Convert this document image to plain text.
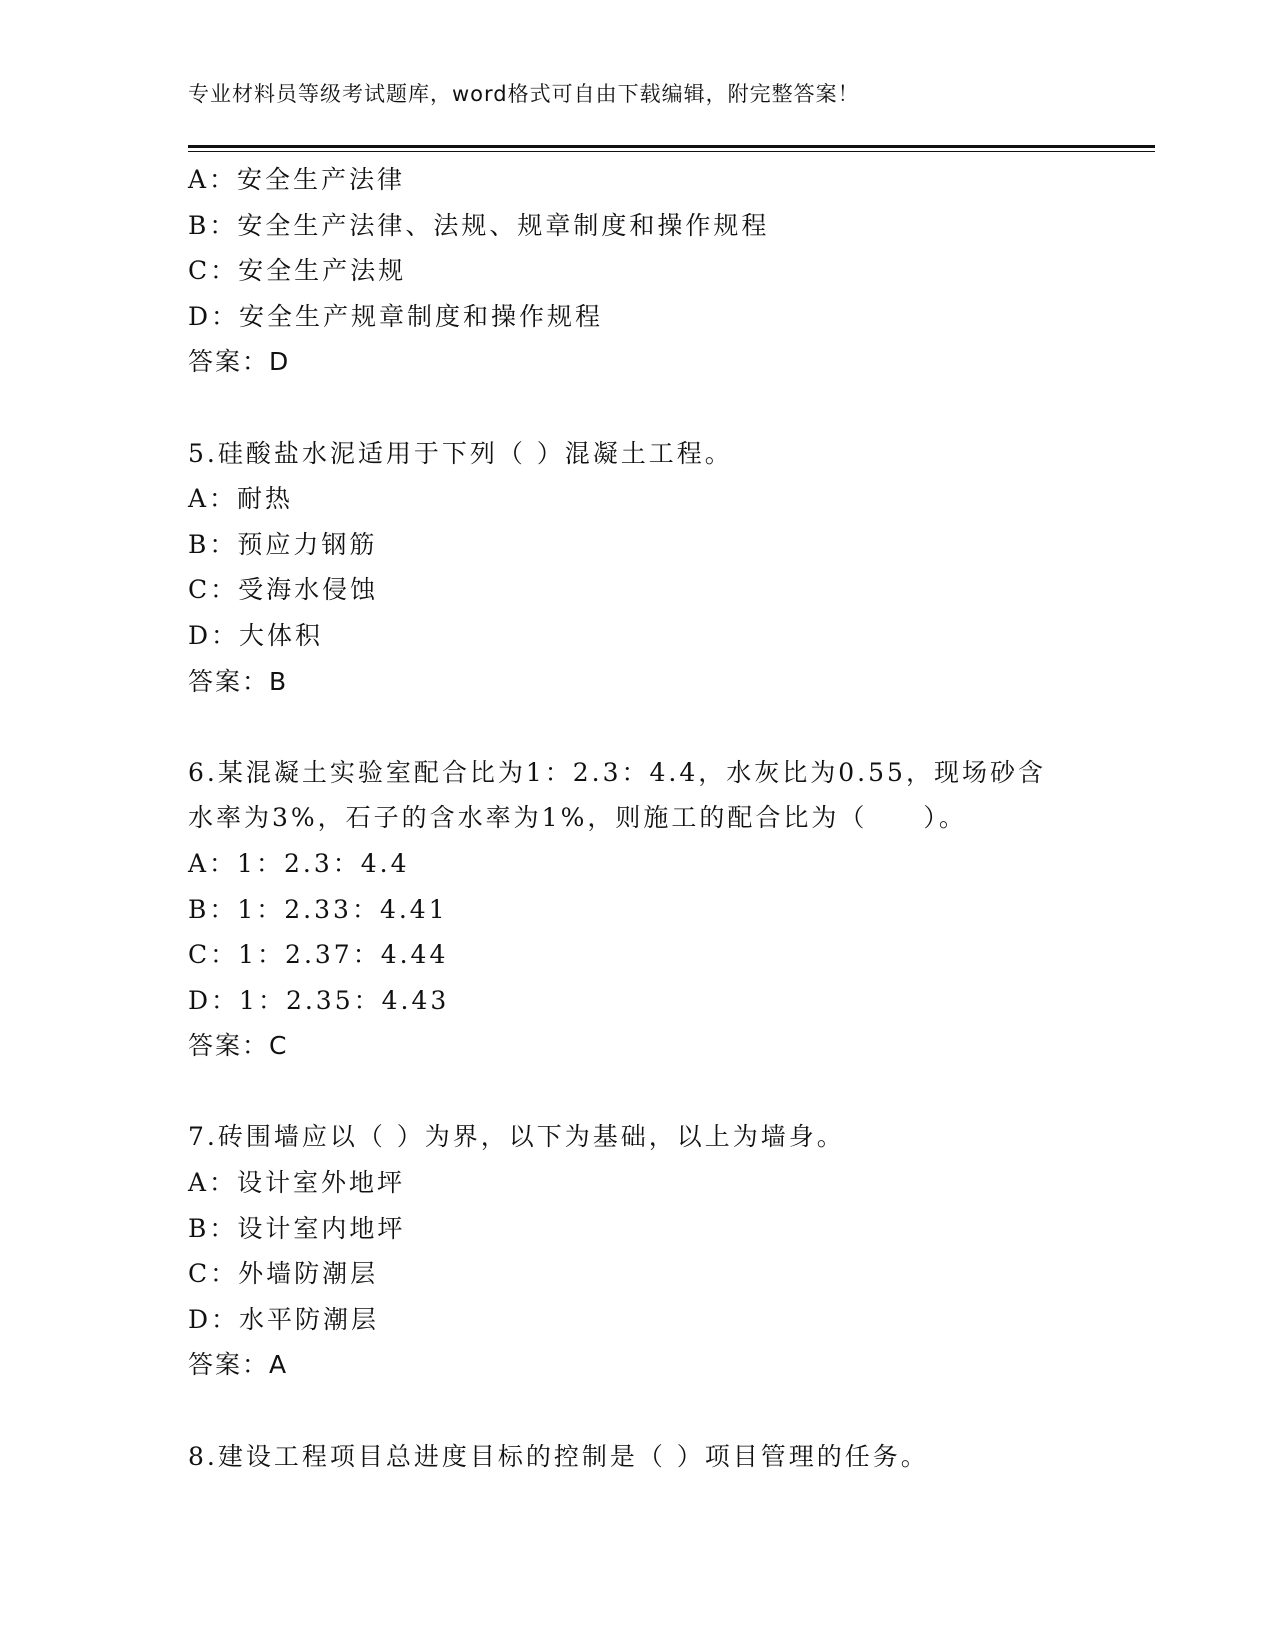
专业材料员等级考试题库，word格式可自由下载编辑，附完整答案！
A：安全生产法律
B：安全生产法律、法规、规章制度和操作规程
C：安全生产法规
D：安全生产规章制度和操作规程
答案：D
5.硅酸盐水泥适用于下列（ ）混凝土工程。
A：耐热
B：预应力钢筋
C：受海水侵蚀
D：大体积
答案：B
6.某混凝土实验室配合比为1：2.3：4.4，水灰比为0.55，现场砂含
水率为3%，石子的含水率为1%，则施工的配合比为（　　）。
A：1：2.3：4.4
B：1：2.33：4.41
C：1：2.37：4.44
D：1：2.35：4.43
答案：C
7.砖围墙应以（ ）为界，以下为基础，以上为墙身。
A：设计室外地坪
B：设计室内地坪
C：外墙防潮层
D：水平防潮层
答案：A
8.建设工程项目总进度目标的控制是（ ）项目管理的任务。
